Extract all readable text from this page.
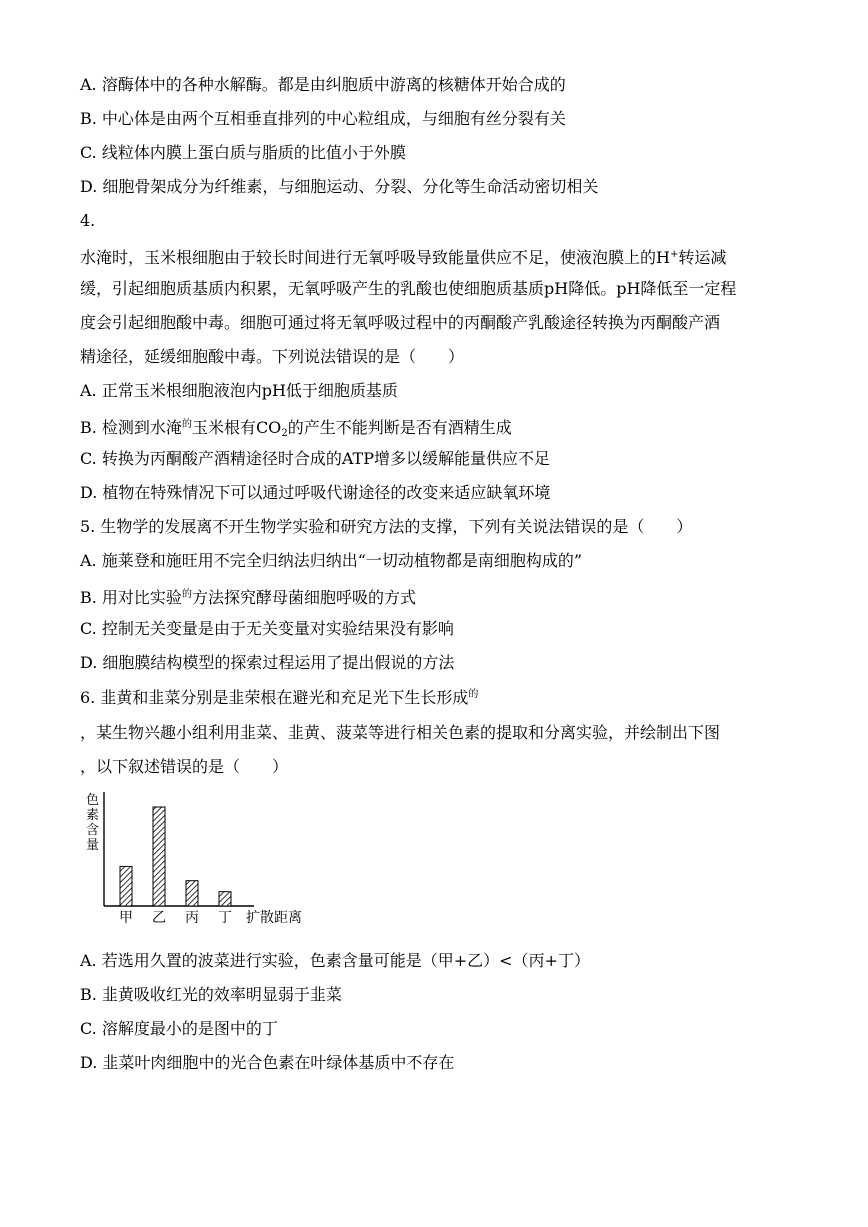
A. 溶酶体中的各种水解酶。都是由纠胞质中游离的核糖体开始合成的
B. 中心体是由两个互相垂直排列的中心粒组成，与细胞有丝分裂有关
C. 线粒体内膜上蛋白质与脂质的比值小于外膜
D. 细胞骨架成分为纤维素，与细胞运动、分裂、分化等生命活动密切相关
4.
水淹时，玉米根细胞由于较长时间进行无氧呼吸导致能量供应不足，使液泡膜上的H+转运减
缓，引起细胞质基质内积累，无氧呼吸产生的乳酸也使细胞质基质pH降低。pH降低至一定程
度会引起细胞酸中毒。细胞可通过将无氧呼吸过程中的丙酮酸产乳酸途径转换为丙酮酸产酒
精途径，延缓细胞酸中毒。下列说法错误的是（　　）
A. 正常玉米根细胞液泡内pH低于细胞质基质
B. 检测到水淹$^的$玉米根有CO2的产生不能判断是否有酒精生成
C. 转换为丙酮酸产酒精途径时合成的ATP增多以缓解能量供应不足
D. 植物在特殊情况下可以通过呼吸代谢途径的改变来适应缺氧环境
5. 生物学的发展离不开生物学实验和研究方法的支撑，下列有关说法错误的是（　　）
A. 施莱登和施旺用不完全归纳法归纳出“一切动植物都是南细胞构成的”
B. 用对比实验$^的$方法探究酵母菌细胞呼吸的方式
C. 控制无关变量是由于无关变量对实验结果没有影响
D. 细胞膜结构模型的探索过程运用了提出假说的方法
6. 韭黄和韭菜分别是韭荣根在避光和充足光下生长形成$^的$
，某生物兴趣小组利用韭菜、韭黄、菠菜等进行相关色素的提取和分离实验，并绘制出下图
，以下叙述错误的是（　　）
色
素
含
量
甲 乙 丙 丁 扩散距离
A. 若选用久置的波菜进行实验，色素含量可能是（甲+乙）<（丙+丁）
B. 韭黄吸收红光的效率明显弱于韭菜
C. 溶解度最小的是图中的丁
D. 韭菜叶肉细胞中的光合色素在叶绿体基质中不存在
